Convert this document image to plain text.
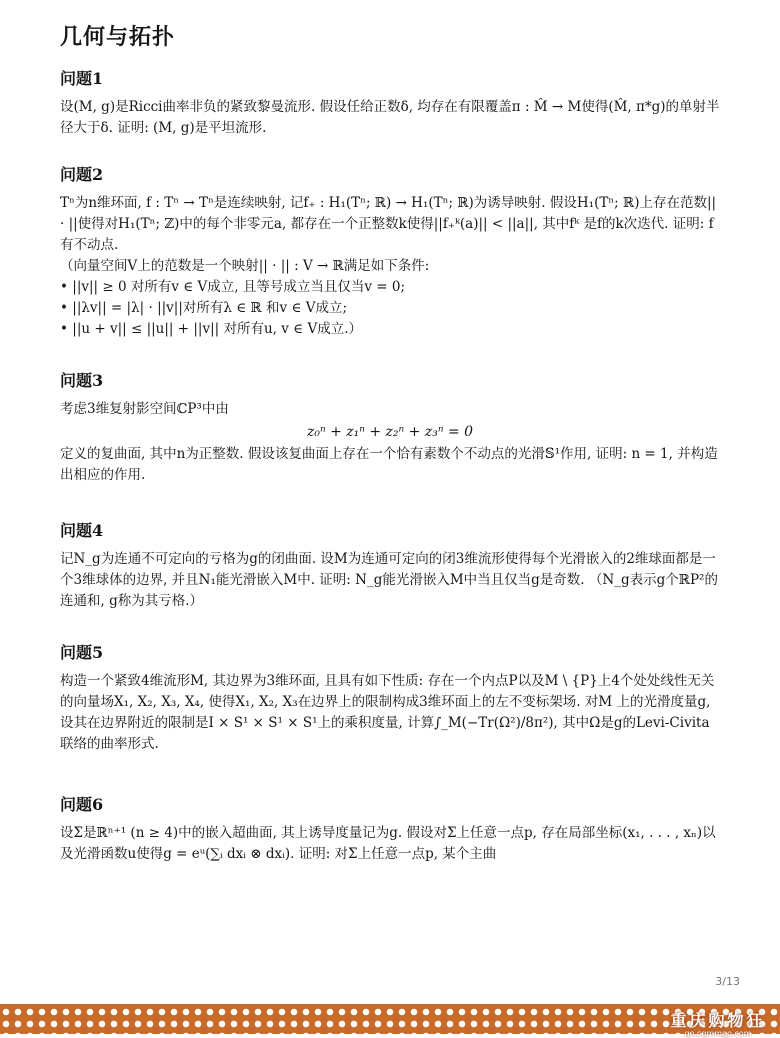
几何与拓扑
问题1

设(M, g)是Ricci曲率非负的紧致黎曼流形. 假设任给正数δ, 均存在有限覆盖π : M̂ → M使得(M̂, π*g)的单射半径大于δ. 证明: (M, g)是平坦流形.

问题2

Tⁿ为n维环面, f : Tⁿ → Tⁿ是连续映射, 记f₊ : H₁(Tⁿ; ℝ) → H₁(Tⁿ; ℝ)为诱导映射. 假设H₁(Tⁿ; ℝ)上存在范数|| · ||使得对H₁(Tⁿ; ℤ)中的每个非零元a, 都存在一个正整数k使得||f₊ᵏ(a)|| < ||a||, 其中fᵏ 是f的k次迭代. 证明: f有不动点.

（向量空间V上的范数是一个映射|| · || : V → ℝ满足如下条件:

• ||v|| ≥ 0 对所有v ∈ V成立, 且等号成立当且仅当v = 0;
• ||λv|| = |λ| · ||v||对所有λ ∈ ℝ 和v ∈ V成立;
• ||u + v|| ≤ ||u|| + ||v|| 对所有u, v ∈ V成立.）
问题3

考虑3维复射影空间ℂP³中由

z₀ⁿ + z₁ⁿ + z₂ⁿ + z₃ⁿ = 0

定义的复曲面, 其中n为正整数. 假设该复曲面上存在一个恰有素数个不动点的光滑𝕊¹作用, 证明: n = 1, 并构造出相应的作用.

问题4

记N_g为连通不可定向的亏格为g的闭曲面. 设M为连通可定向的闭3维流形使得每个光滑嵌入的2维球面都是一个3维球体的边界, 并且N₁能光滑嵌入M中. 证明: N_g能光滑嵌入M中当且仅当g是奇数. （N_g表示g个ℝP²的连通和, g称为其亏格.）

问题5

构造一个紧致4维流形M, 其边界为3维环面, 且具有如下性质: 存在一个内点P以及M \ {P}上4个处处线性无关的向量场X₁, X₂, X₃, X₄, 使得X₁, X₂, X₃在边界上的限制构成3维环面上的左不变标架场. 对M 上的光滑度量g, 设其在边界附近的限制是I × S¹ × S¹ × S¹上的乘积度量, 计算∫_M(−Tr(Ω²)/8π²), 其中Ω是g的Levi-Civita联络的曲率形式.

问题6

设Σ是ℝⁿ⁺¹ (n ≥ 4)中的嵌入超曲面, 其上诱导度量记为g. 假设对Σ上任意一点p, 存在局部坐标(x₁, . . . , xₙ)以及光滑函数u使得g = eᵘ(∑ᵢ dxᵢ ⊗ dxᵢ). 证明: 对Σ上任意一点p, 某个主曲

3/13
重庆购物狂
go.cqmmgo.com
